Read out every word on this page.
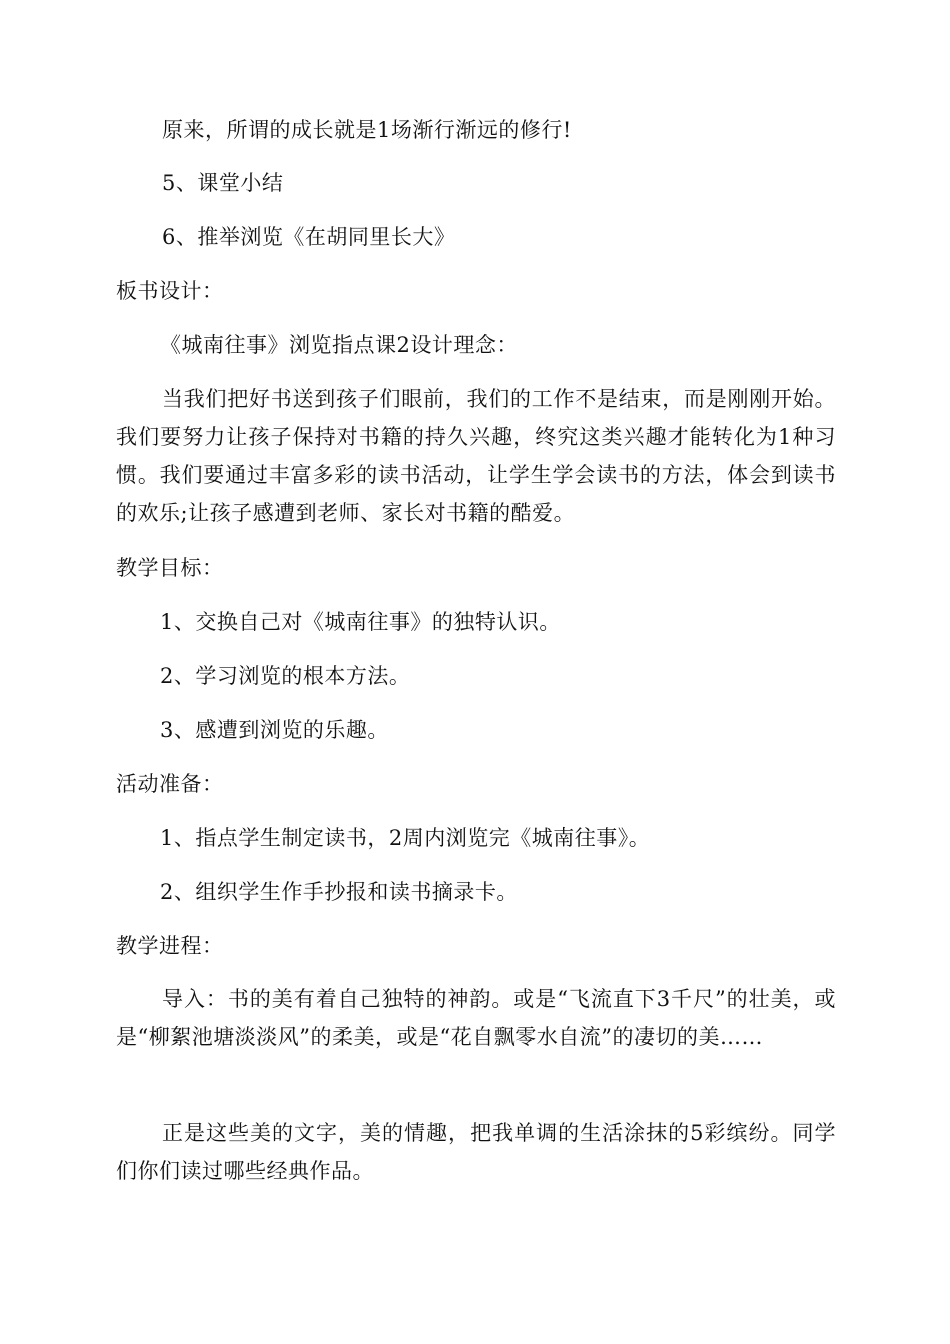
原来，所谓的成长就是1场渐行渐远的修行!
5、课堂小结
6、推举浏览《在胡同里长大》
板书设计：
《城南往事》浏览指点课2设计理念：
当我们把好书送到孩子们眼前，我们的工作不是结束，而是刚刚开始。我们要努力让孩子保持对书籍的持久兴趣，终究这类兴趣才能转化为1种习惯。我们要通过丰富多彩的读书活动，让学生学会读书的方法，体会到读书的欢乐;让孩子感遭到老师、家长对书籍的酷爱。
教学目标：
1、交换自己对《城南往事》的独特认识。
2、学习浏览的根本方法。
3、感遭到浏览的乐趣。
活动准备：
1、指点学生制定读书，2周内浏览完《城南往事》。
2、组织学生作手抄报和读书摘录卡。
教学进程：
导入：书的美有着自己独特的神韵。或是“飞流直下3千尺”的壮美，或是“柳絮池塘淡淡风”的柔美，或是“花自飘零水自流”的凄切的美……
正是这些美的文字，美的情趣，把我单调的生活涂抹的5彩缤纷。同学们你们读过哪些经典作品。
